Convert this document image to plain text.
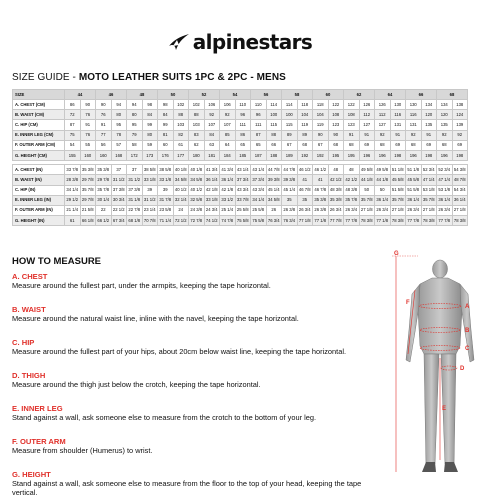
alpinestars
SIZE GUIDE - MOTO LEATHER SUITS 1PC & 2PC - MENS
SIZE	44		46		48		50		52		54		56		58		60		62		64		66		68	
A. CHEST (CM)	86	90	90	94	94	98	98	102	102	106	106	110	110	114	114	118	118	122	122	126	126	130	130	134	134	138
B. WAIST (CM)	72	76	76	80	80	84	84	88	88	92	92	96	96	100	100	104	104	108	108	112	112	116	116	120	120	124
C. HIP (CM)	87	91	91	95	95	99	99	103	103	107	107	111	111	115	115	119	119	123	123	127	127	131	131	135	135	139
E. INNER LEG (CM)	75	76	77	78	79	80	81	82	83	84	85	86	87	88	89	89	90	90	91	91	92	91	92	91	92	92
F. OUTER ARM (CM)	54	55	56	57	58	59	60	61	62	63	64	65	65	66	67	68	67	68	68	69	68	69	68	69	68	69
G. HEIGHT (CM)	155	160	160	168	172	173	176	177	180	181	184	185	187	188	189	192	192	195	195	196	196	198	196	198	196	198

A. CHEST (IN)	33 7/8	35 3/8	35 3/8	37	37	38 5/8	38 5/8	40 1/8	40 1/8	41 3/4	41 3/4	43 1/4	43 1/4	44 7/8	44 7/8	46 1/2	46 1/2	48	48	49 5/8	49 5/8	51 1/8	51 1/8	52 3/4	52 3/4	54 3/8
B. WAIST (IN)	28 3/8	29 7/8	29 7/8	31 1/2	31 1/2	33 1/8	33 1/8	34 5/8	34 5/8	36 1/4	36 1/4	37 3/4	37 3/4	39 3/8	39 3/8	41	41	42 1/2	42 1/2	44 1/8	44 1/8	45 5/8	45 5/8	47 1/4	47 1/4	48 7/8
C. HIP (IN)	34 1/4	35 7/8	35 7/8	37 3/8	37 3/8	39	39	40 1/2	40 1/2	42 1/8	42 1/8	43 3/4	43 3/4	45 1/4	45 1/4	46 7/8	46 7/8	48 3/8	48 3/8	50	50	51 5/8	51 5/8	53 1/8	53 1/8	54 3/4
E. INNER LEG (IN)	29 1/2	29 7/8	30 1/4	30 3/4	31 1/8	31 1/2	31 7/8	32 1/4	32 5/8	33 1/8	33 1/2	33 7/8	34 1/4	34 5/8	35	35	35 3/8	35 3/8	35 7/8	35 7/8	36 1/4	35 7/8	36 1/4	35 7/8	36 1/4	36 1/4
F. OUTER ARM (IN)	21 1/4	21 5/8	22	22 1/2	22 7/8	23 1/4	23 5/8	24	24 3/8	24 3/4	25 1/4	25 5/8	25 5/8	26	26 3/8	26 3/4	26 3/8	26 3/4	26 3/4	27 1/8	26 3/4	27 1/8	26 3/4	27 1/8	26 3/4	27 1/8
G. HEIGHT (IN)	61	66 1/8	66 1/2	67 3/4	68 1/8	70 7/8	71 1/4	72 1/2	72 7/8	74 1/2	74 7/8	75 5/8	75 5/8	76 3/4	76 3/4	77 1/8	77 1/8	77 7/8	77 7/8	78 3/8	77 1/8	78 3/8	77 7/8	78 3/8	77 7/8	78 3/8
HOW TO MEASURE
A. CHEST
Measure around the fullest part, under the armpits, keeping the tape horizontal.
B. WAIST
Measure around the natural waist line, inline with the navel, keeping the tape horizontal.
C. HIP
Measure around the fullest part of your hips, about 20cm below waist line, keeping the tape horizontal.
D. THIGH
Measure around the thigh just below the crotch, keeping the tape horizontal.
E. INNER LEG
Stand against a wall, ask someone else to measure from the crotch to the bottom of your leg.
F. OUTER ARM
Measure from shoulder (Humerus) to wrist.
G. HEIGHT
Stand against a wall, ask someone else to measure from the floor to the top of your head, keeping the tape vertical.
G
F
A
B
C
D
E
